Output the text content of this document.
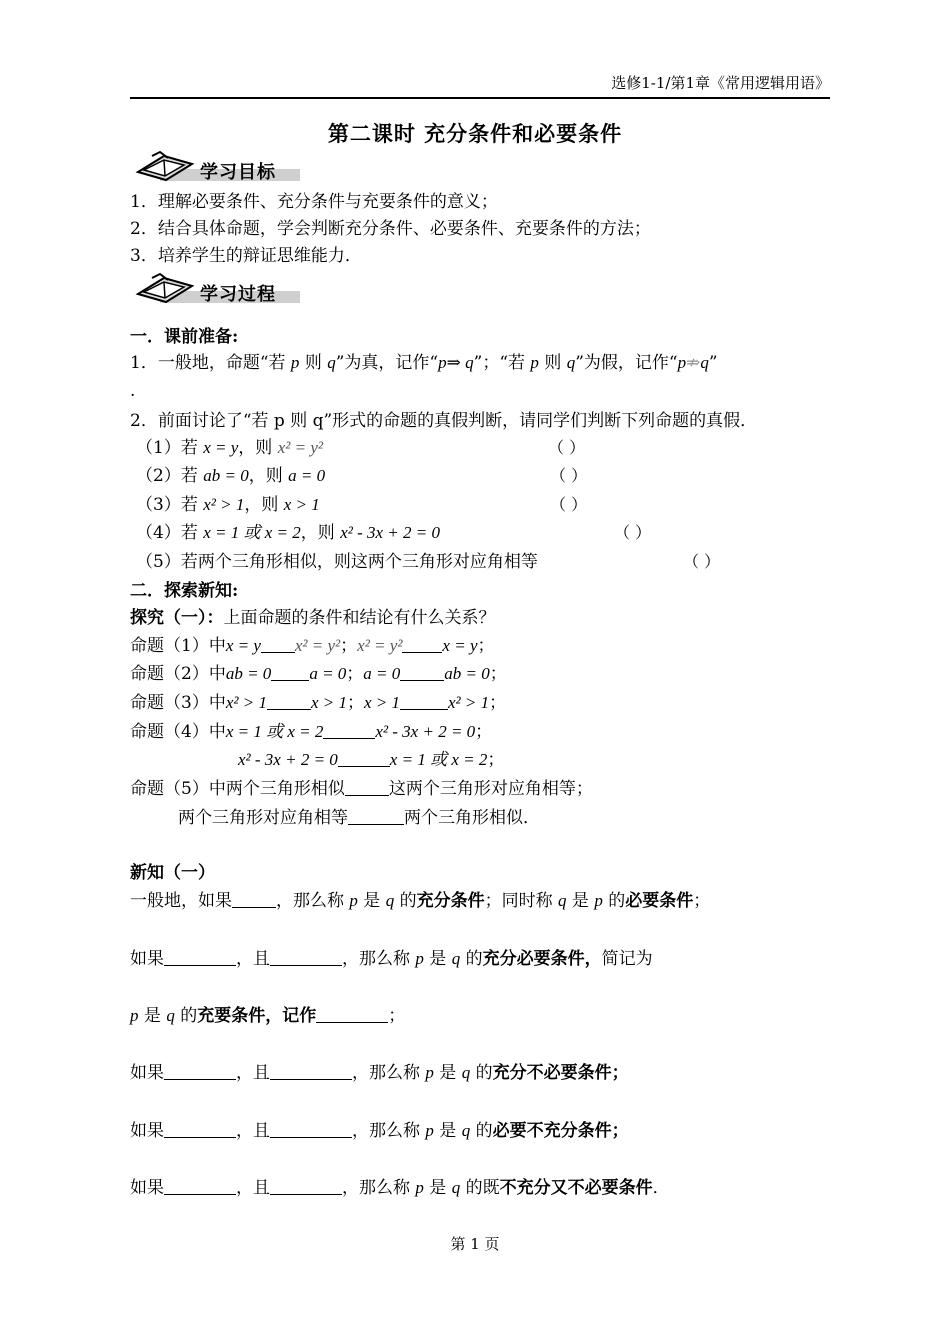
选修1-1/第1章《常用逻辑用语》
第二课时 充分条件和必要条件
学习目标
1．理解必要条件、充分条件与充要条件的意义；
2．结合具体命题，学会判断充分条件、必要条件、充要条件的方法；
3．培养学生的辩证思维能力．
学习过程
一．课前准备:
1．一般地，命题“若 p 则 q”为真，记作“p⇒ q”；“若 p 则 q”为假，记作“p⇏q”
.
2．前面讨论了“若 p 则 q”形式的命题的真假判断，请同学们判断下列命题的真假．
（1）若 x = y，则 x² = y²	（ ）
（2）若 ab = 0，则 a = 0	（ ）
（3）若 x² > 1，则 x > 1	（ ）
（4）若 x = 1 或 x = 2，则 x² - 3x + 2 = 0	（ ）
（5）若两个三角形相似，则这两个三角形对应角相等	（ ）
二．探索新知:
探究（一）：上面命题的条件和结论有什么关系？
命题（1）中x = y x² = y²；x² = y² x = y；
命题（2）中ab = 0 a = 0；a = 0	ab = 0；
命题（3）中x² > 1	x > 1；x > 1	x² > 1；
命题（4）中x = 1 或 x = 2	x² - 3x + 2 = 0；
x² - 3x + 2 = 0	x = 1 或 x = 2；
命题（5）中两个三角形相似	这两个三角形对应角相等；
两个三角形对应角相等	两个三角形相似．
新知（一）
一般地，如果	，那么称 p 是 q 的充分条件；同时称 q 是 p 的必要条件；
如果	，且	，那么称 p 是 q 的充分必要条件，简记为
p 是 q 的充要条件，记作	；
如果	，且	，那么称 p 是 q 的充分不必要条件；
如果	，且	，那么称 p 是 q 的必要不充分条件；
如果	，且	，那么称 p 是 q 的既不充分又不必要条件．
第 1 页
